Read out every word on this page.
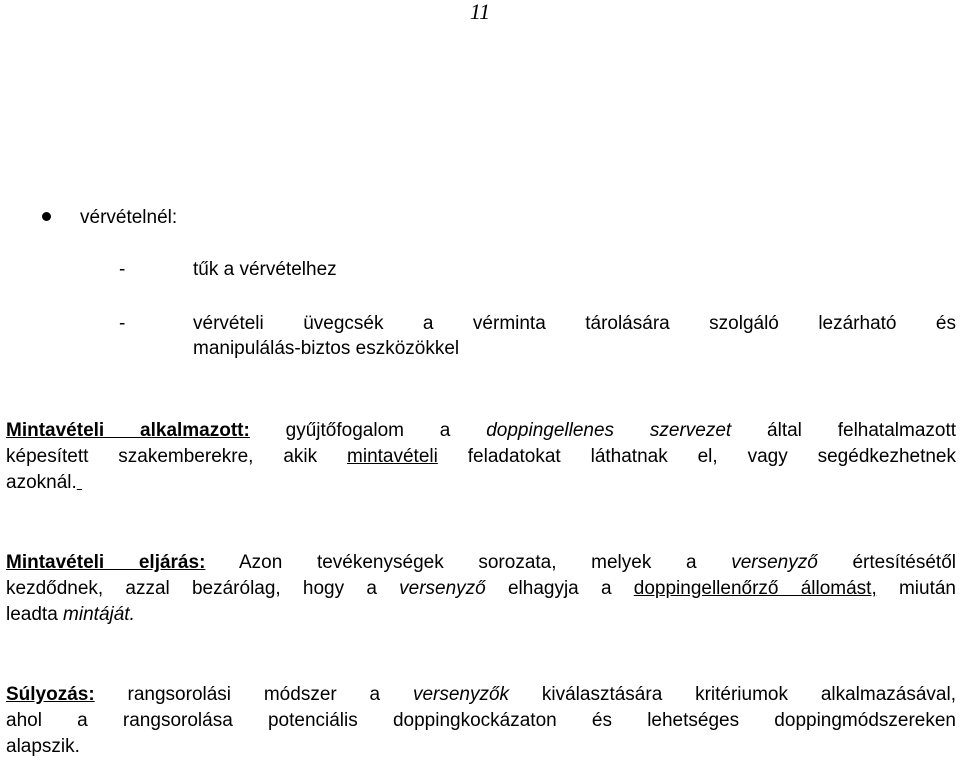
11
vérvételnél:
-	tűk a vérvételhez
-	vérvételi üvegcsék a vérminta tárolására szolgáló lezárható és
manipulálás-biztos eszközökkel
Mintavételi alkalmazott: gyűjtőfogalom a doppingellenes szervezet által felhatalmazott
képesített szakemberekre, akik mintavételi feladatokat láthatnak el, vagy segédkezhetnek
azoknál.
Mintavételi eljárás: Azon tevékenységek sorozata, melyek a versenyző értesítésétől
kezdődnek, azzal bezárólag, hogy a versenyző elhagyja a doppingellenőrző állomást, miután
leadta mintáját.
Súlyozás: rangsorolási módszer a versenyzők kiválasztására kritériumok alkalmazásával,
ahol a rangsorolása potenciális doppingkockázaton és lehetséges doppingmódszereken
alapszik.
